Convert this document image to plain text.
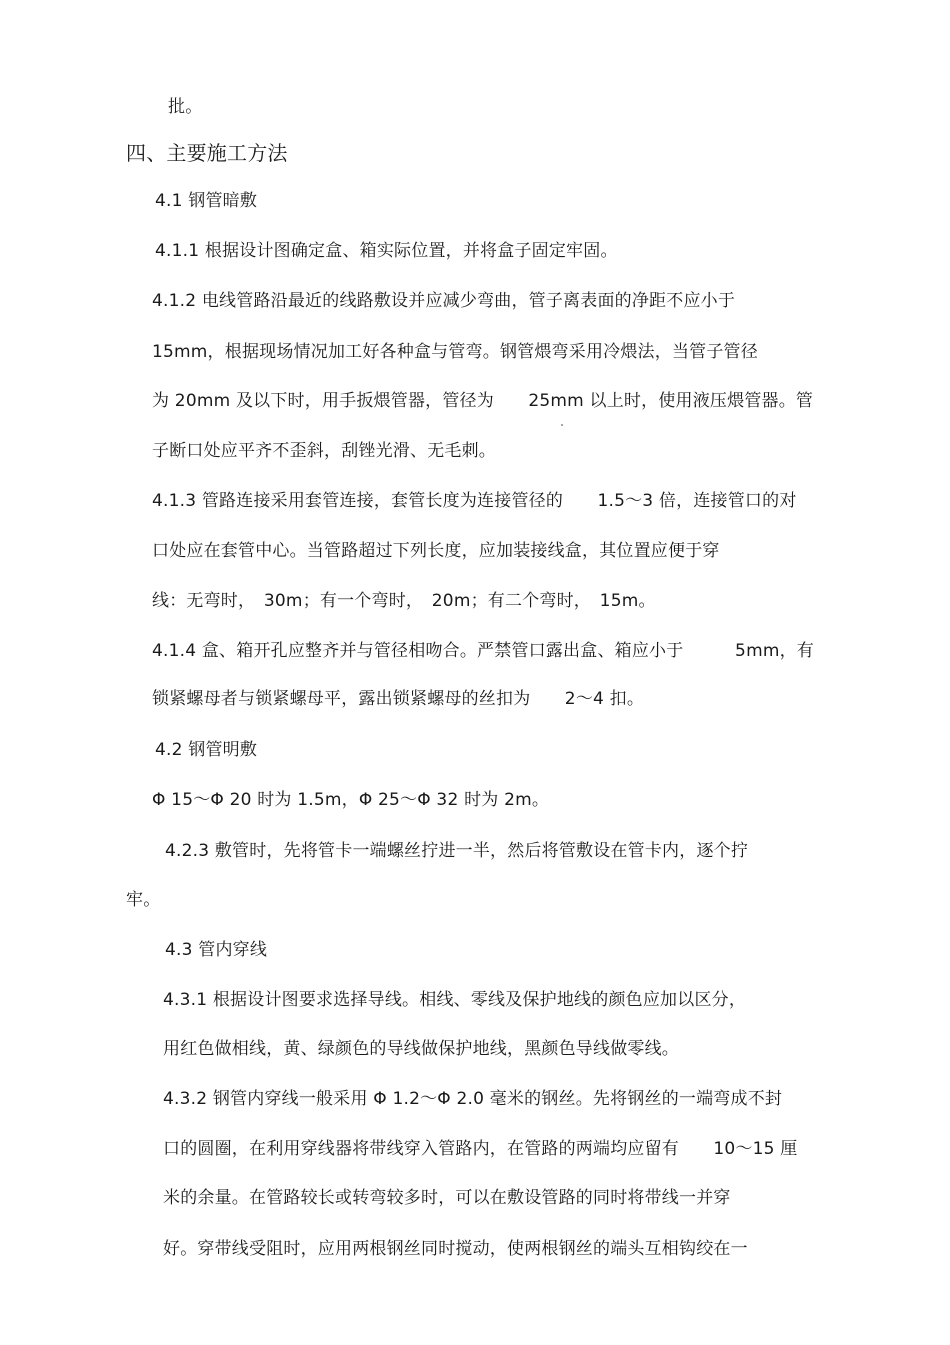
批。
四、主要施工方法
4.1 钢管暗敷
4.1.1 根据设计图确定盒、箱实际位置，并将盒子固定牢固。
4.1.2 电线管路沿最近的线路敷设并应减少弯曲，管子离表面的净距不应小于
15mm，根据现场情况加工好各种盒与管弯。钢管煨弯采用冷煨法，当管子管径
为 20mm 及以下时，用手扳煨管器，管径为　　25mm 以上时，使用液压煨管器。管
子断口处应平齐不歪斜，刮锉光滑、无毛刺。
4.1.3 管路连接采用套管连接，套管长度为连接管径的　　1.5～3 倍，连接管口的对
口处应在套管中心。当管路超过下列长度，应加装接线盒，其位置应便于穿
线：无弯时，　30m；有一个弯时，　20m；有二个弯时，　15m。
4.1.4 盒、箱开孔应整齐并与管径相吻合。严禁管口露出盒、箱应小于　　　5mm，有
锁紧螺母者与锁紧螺母平，露出锁紧螺母的丝扣为　　2～4 扣。
4.2 钢管明敷
Φ 15～Φ 20 时为 1.5m，Φ 25～Φ 32 时为 2m。
4.2.3 敷管时，先将管卡一端螺丝拧进一半，然后将管敷设在管卡内，逐个拧
牢。
4.3 管内穿线
4.3.1 根据设计图要求选择导线。相线、零线及保护地线的颜色应加以区分，
用红色做相线，黄、绿颜色的导线做保护地线，黑颜色导线做零线。
4.3.2 钢管内穿线一般采用 Φ 1.2～Φ 2.0 毫米的钢丝。先将钢丝的一端弯成不封
口的圆圈，在利用穿线器将带线穿入管路内，在管路的两端均应留有　　10～15 厘
米的余量。在管路较长或转弯较多时，可以在敷设管路的同时将带线一并穿
好。穿带线受阻时，应用两根钢丝同时搅动，使两根钢丝的端头互相钩绞在一
